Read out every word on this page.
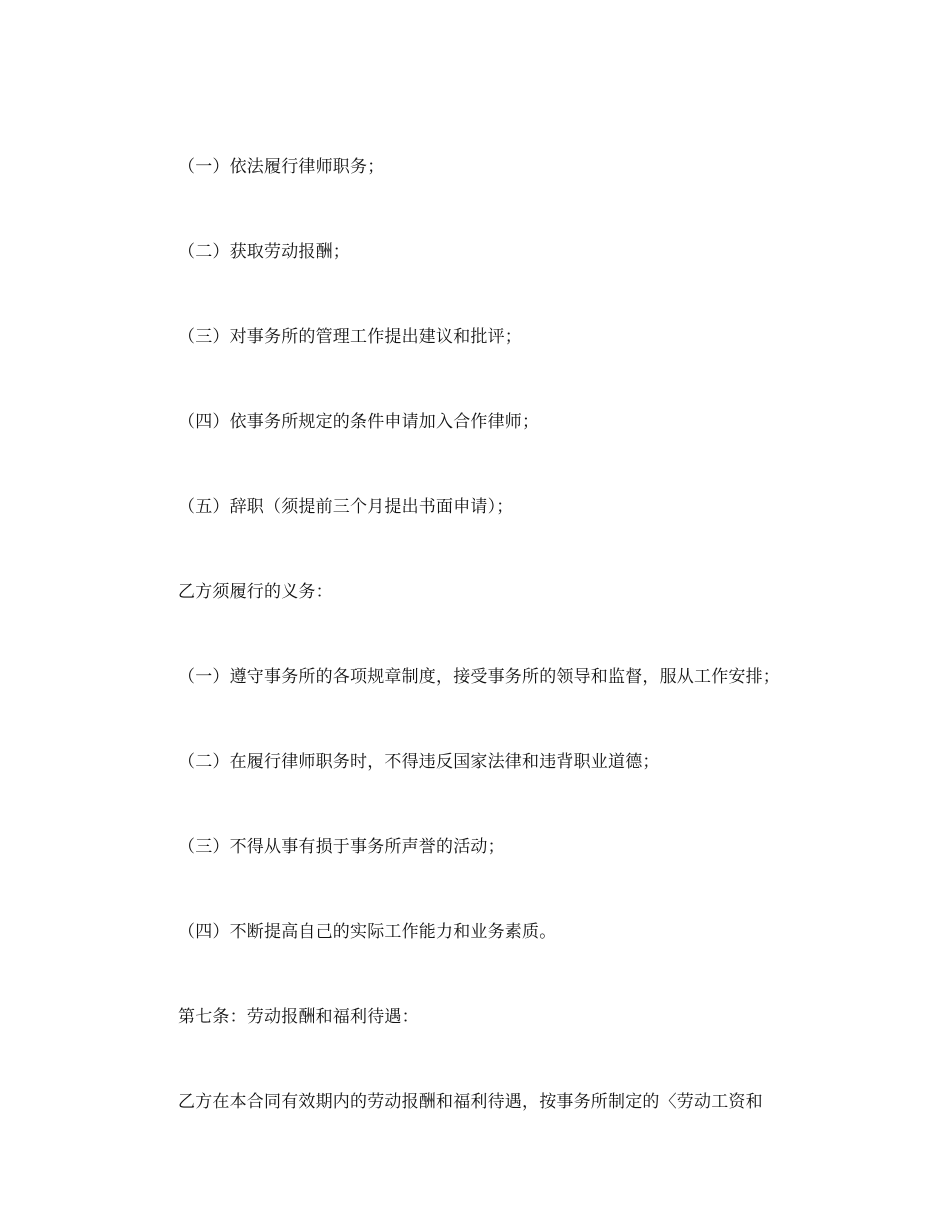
（一）依法履行律师职务；
（二）获取劳动报酬；
（三）对事务所的管理工作提出建议和批评；
（四）依事务所规定的条件申请加入合作律师；
（五）辞职（须提前三个月提出书面申请）；
乙方须履行的义务：
（一）遵守事务所的各项规章制度，接受事务所的领导和监督，服从工作安排；
（二）在履行律师职务时，不得违反国家法律和违背职业道德；
（三）不得从事有损于事务所声誉的活动；
（四）不断提高自己的实际工作能力和业务素质。
第七条：劳动报酬和福利待遇：
乙方在本合同有效期内的劳动报酬和福利待遇，按事务所制定的〈劳动工资和
